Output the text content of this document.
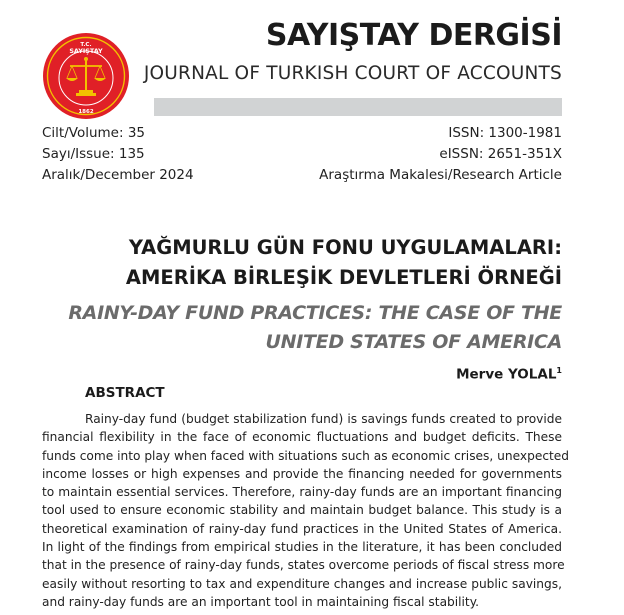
T.C.
SAYIŞTAY
1862
SAYIŞTAY DERGİSİ
JOURNAL OF TURKISH COURT OF ACCOUNTS
Cilt/Volume: 35
Sayı/Issue: 135
Aralık/December 2024
ISSN: 1300-1981
eISSN: 2651-351X
Araştırma Makalesi/Research Article
YAĞMURLU GÜN FONU UYGULAMALARI:
AMERİKA BİRLEŞİK DEVLETLERİ ÖRNEĞİ
RAINY-DAY FUND PRACTICES: THE CASE OF THE
UNITED STATES OF AMERICA
Merve YOLAL$^1$
ABSTRACT
Rainy-day fund (budget stabilization fund) is savings funds created to provide
financial flexibility in the face of economic fluctuations and budget deficits. These
funds come into play when faced with situations such as economic crises, unexpected
income losses or high expenses and provide the financing needed for governments
to maintain essential services. Therefore, rainy-day funds are an important financing
tool used to ensure economic stability and maintain budget balance. This study is a
theoretical examination of rainy-day fund practices in the United States of America.
In light of the findings from empirical studies in the literature, it has been concluded
that in the presence of rainy-day funds, states overcome periods of fiscal stress more
easily without resorting to tax and expenditure changes and increase public savings,
and rainy-day funds are an important tool in maintaining fiscal stability.
